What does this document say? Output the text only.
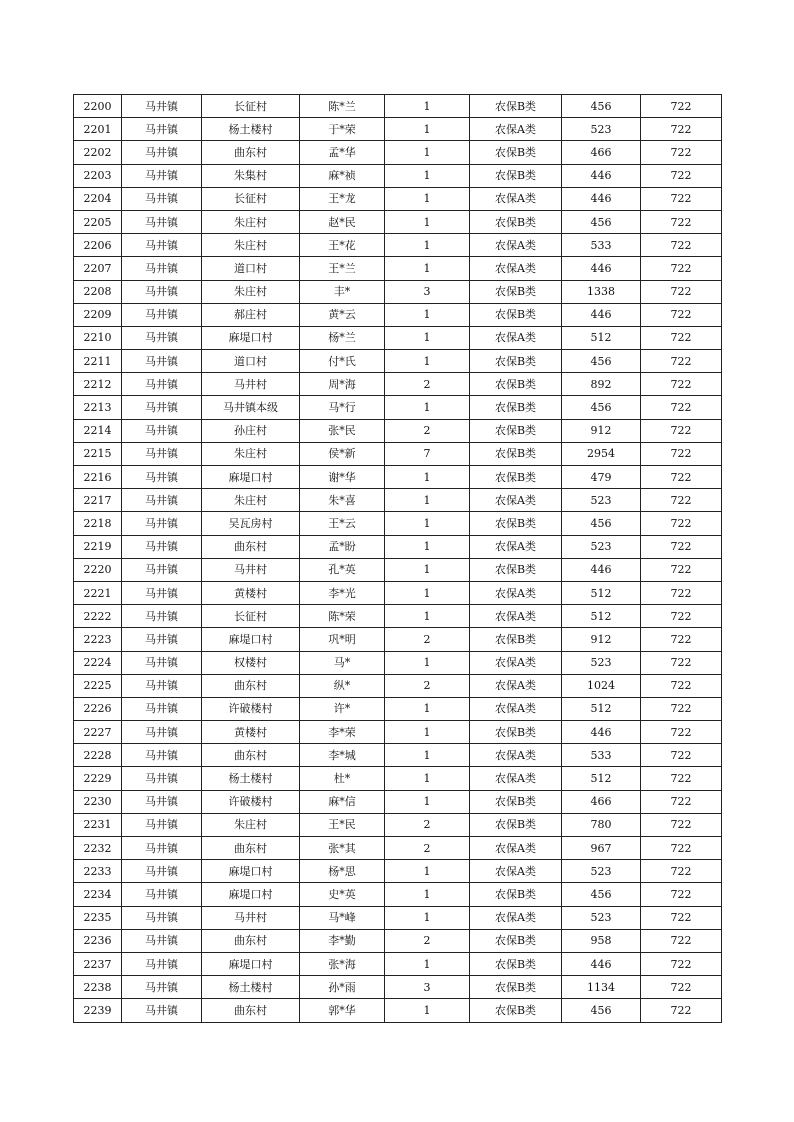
2200	马井镇	长征村	陈*兰	1	农保B类	456	722
2201	马井镇	杨土楼村	于*荣	1	农保A类	523	722
2202	马井镇	曲东村	孟*华	1	农保B类	466	722
2203	马井镇	朱集村	麻*祯	1	农保B类	446	722
2204	马井镇	长征村	王*龙	1	农保A类	446	722
2205	马井镇	朱庄村	赵*民	1	农保B类	456	722
2206	马井镇	朱庄村	王*花	1	农保A类	533	722
2207	马井镇	道口村	王*兰	1	农保A类	446	722
2208	马井镇	朱庄村	丰*	3	农保B类	1338	722
2209	马井镇	郝庄村	黄*云	1	农保B类	446	722
2210	马井镇	麻堤口村	杨*兰	1	农保A类	512	722
2211	马井镇	道口村	付*氏	1	农保B类	456	722
2212	马井镇	马井村	周*海	2	农保B类	892	722
2213	马井镇	马井镇本级	马*行	1	农保B类	456	722
2214	马井镇	孙庄村	张*民	2	农保B类	912	722
2215	马井镇	朱庄村	侯*新	7	农保B类	2954	722
2216	马井镇	麻堤口村	谢*华	1	农保B类	479	722
2217	马井镇	朱庄村	朱*喜	1	农保A类	523	722
2218	马井镇	吴瓦房村	王*云	1	农保B类	456	722
2219	马井镇	曲东村	孟*盼	1	农保A类	523	722
2220	马井镇	马井村	孔*英	1	农保B类	446	722
2221	马井镇	黄楼村	李*光	1	农保A类	512	722
2222	马井镇	长征村	陈*荣	1	农保A类	512	722
2223	马井镇	麻堤口村	巩*明	2	农保B类	912	722
2224	马井镇	权楼村	马*	1	农保A类	523	722
2225	马井镇	曲东村	纵*	2	农保A类	1024	722
2226	马井镇	许破楼村	许*	1	农保A类	512	722
2227	马井镇	黄楼村	李*荣	1	农保B类	446	722
2228	马井镇	曲东村	李*城	1	农保A类	533	722
2229	马井镇	杨土楼村	杜*	1	农保A类	512	722
2230	马井镇	许破楼村	麻*信	1	农保B类	466	722
2231	马井镇	朱庄村	王*民	2	农保B类	780	722
2232	马井镇	曲东村	张*其	2	农保A类	967	722
2233	马井镇	麻堤口村	杨*思	1	农保A类	523	722
2234	马井镇	麻堤口村	史*英	1	农保B类	456	722
2235	马井镇	马井村	马*峰	1	农保A类	523	722
2236	马井镇	曲东村	李*勤	2	农保B类	958	722
2237	马井镇	麻堤口村	张*海	1	农保B类	446	722
2238	马井镇	杨土楼村	孙*雨	3	农保B类	1134	722
2239	马井镇	曲东村	郭*华	1	农保B类	456	722
